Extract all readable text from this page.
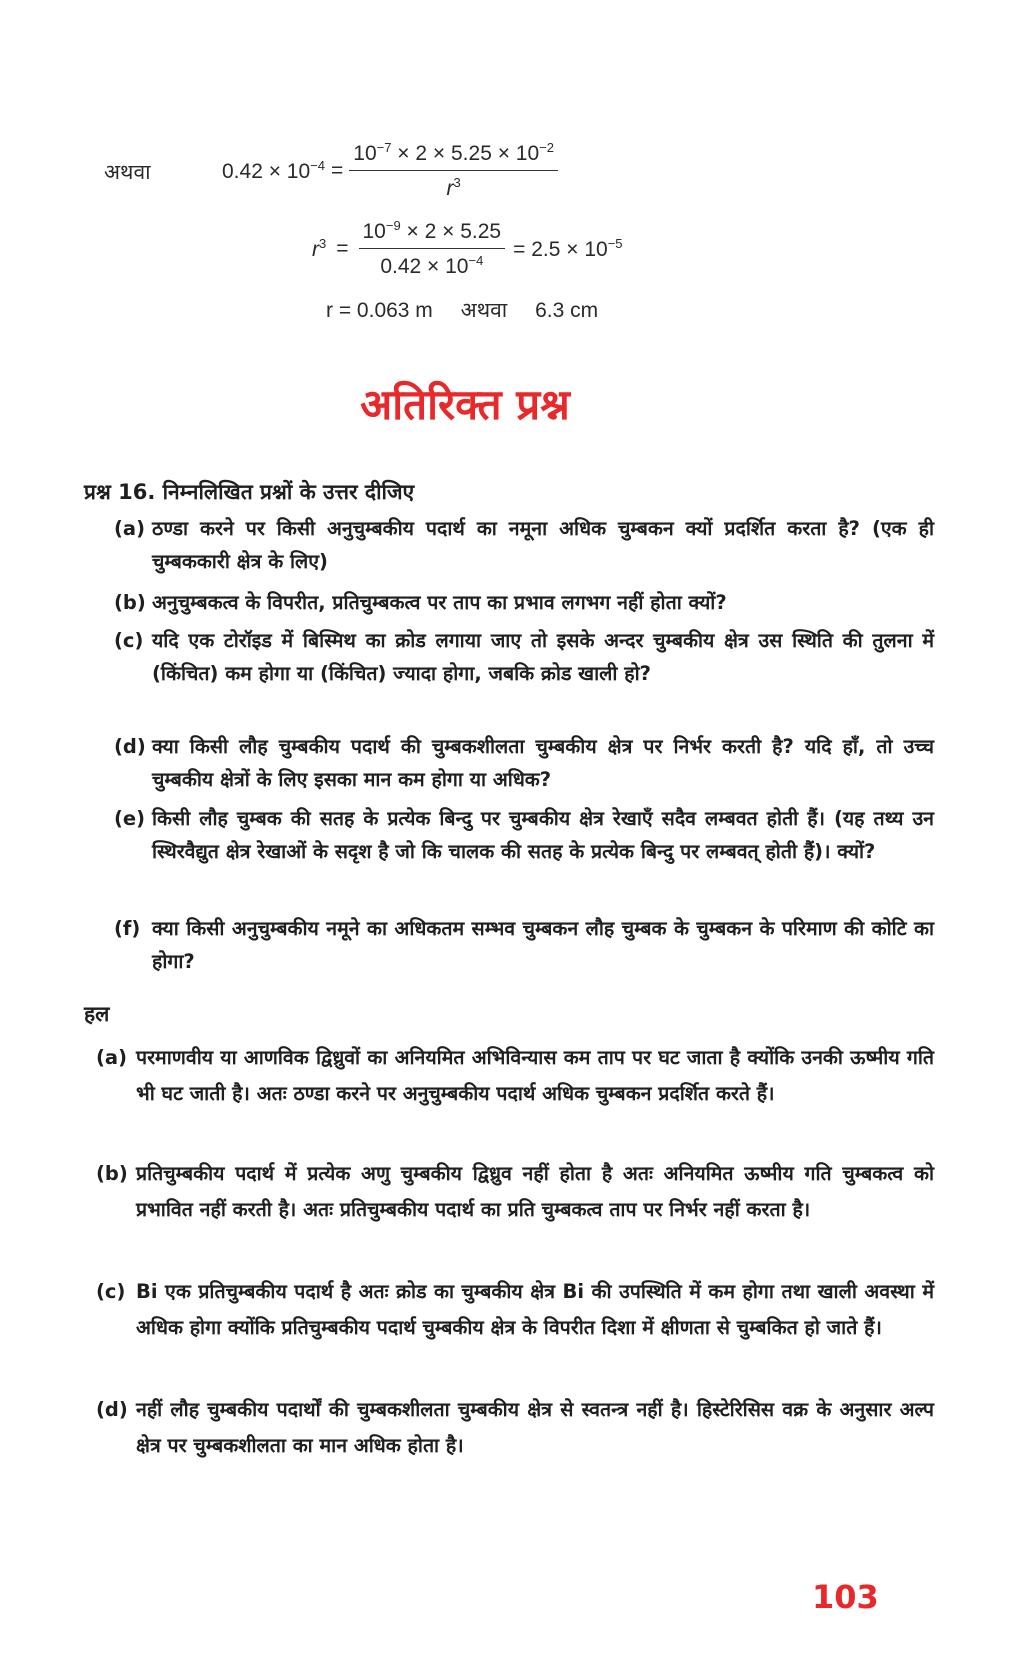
अथवा	$0.42 \times 10^{-4} = \frac{10^{-7} \times 2 \times 5.25 \times 10^{-2}}{r^3}$
$r^3 = \frac{10^{-9} \times 2 \times 5.25}{0.42 \times 10^{-4}} = 2.5 \times 10^{-5}$
r = 0.063 m अथवा 6.3 cm
अतिरिक्त प्रश्न
प्रश्न 16. निम्नलिखित प्रश्नों के उत्तर दीजिए
(a) ठण्डा करने पर किसी अनुचुम्बकीय पदार्थ का नमूना अधिक चुम्बकन क्यों प्रदर्शित करता है? (एक ही चुम्बककारी क्षेत्र के लिए)
(b) अनुचुम्बकत्व के विपरीत, प्रतिचुम्बकत्व पर ताप का प्रभाव लगभग नहीं होता क्यों?
(c) यदि एक टोरॉइड में बिस्मिथ का क्रोड लगाया जाए तो इसके अन्दर चुम्बकीय क्षेत्र उस स्थिति की तुलना में (किंचित) कम होगा या (किंचित) ज्यादा होगा, जबकि क्रोड खाली हो?
(d) क्या किसी लौह चुम्बकीय पदार्थ की चुम्बकशीलता चुम्बकीय क्षेत्र पर निर्भर करती है? यदि हाँ, तो उच्च चुम्बकीय क्षेत्रों के लिए इसका मान कम होगा या अधिक?
(e) किसी लौह चुम्बक की सतह के प्रत्येक बिन्दु पर चुम्बकीय क्षेत्र रेखाएँ सदैव लम्बवत होती हैं। (यह तथ्य उन स्थिरवैद्युत क्षेत्र रेखाओं के सदृश है जो कि चालक की सतह के प्रत्येक बिन्दु पर लम्बवत् होती हैं)। क्यों?
(f) क्या किसी अनुचुम्बकीय नमूने का अधिकतम सम्भव चुम्बकन लौह चुम्बक के चुम्बकन के परिमाण की कोटि का होगा?
हल
(a) परमाणवीय या आणविक द्विध्रुवों का अनियमित अभिविन्यास कम ताप पर घट जाता है क्योंकि उनकी ऊष्मीय गति भी घट जाती है। अतः ठण्डा करने पर अनुचुम्बकीय पदार्थ अधिक चुम्बकन प्रदर्शित करते हैं।
(b) प्रतिचुम्बकीय पदार्थ में प्रत्येक अणु चुम्बकीय द्विध्रुव नहीं होता है अतः अनियमित ऊष्मीय गति चुम्बकत्व को प्रभावित नहीं करती है। अतः प्रतिचुम्बकीय पदार्थ का प्रति चुम्बकत्व ताप पर निर्भर नहीं करता है।
(c) Bi एक प्रतिचुम्बकीय पदार्थ है अतः क्रोड का चुम्बकीय क्षेत्र Bi की उपस्थिति में कम होगा तथा खाली अवस्था में अधिक होगा क्योंकि प्रतिचुम्बकीय पदार्थ चुम्बकीय क्षेत्र के विपरीत दिशा में क्षीणता से चुम्बकित हो जाते हैं।
(d) नहीं लौह चुम्बकीय पदार्थों की चुम्बकशीलता चुम्बकीय क्षेत्र से स्वतन्त्र नहीं है। हिस्टेरिसिस वक्र के अनुसार अल्प क्षेत्र पर चुम्बकशीलता का मान अधिक होता है।
103
